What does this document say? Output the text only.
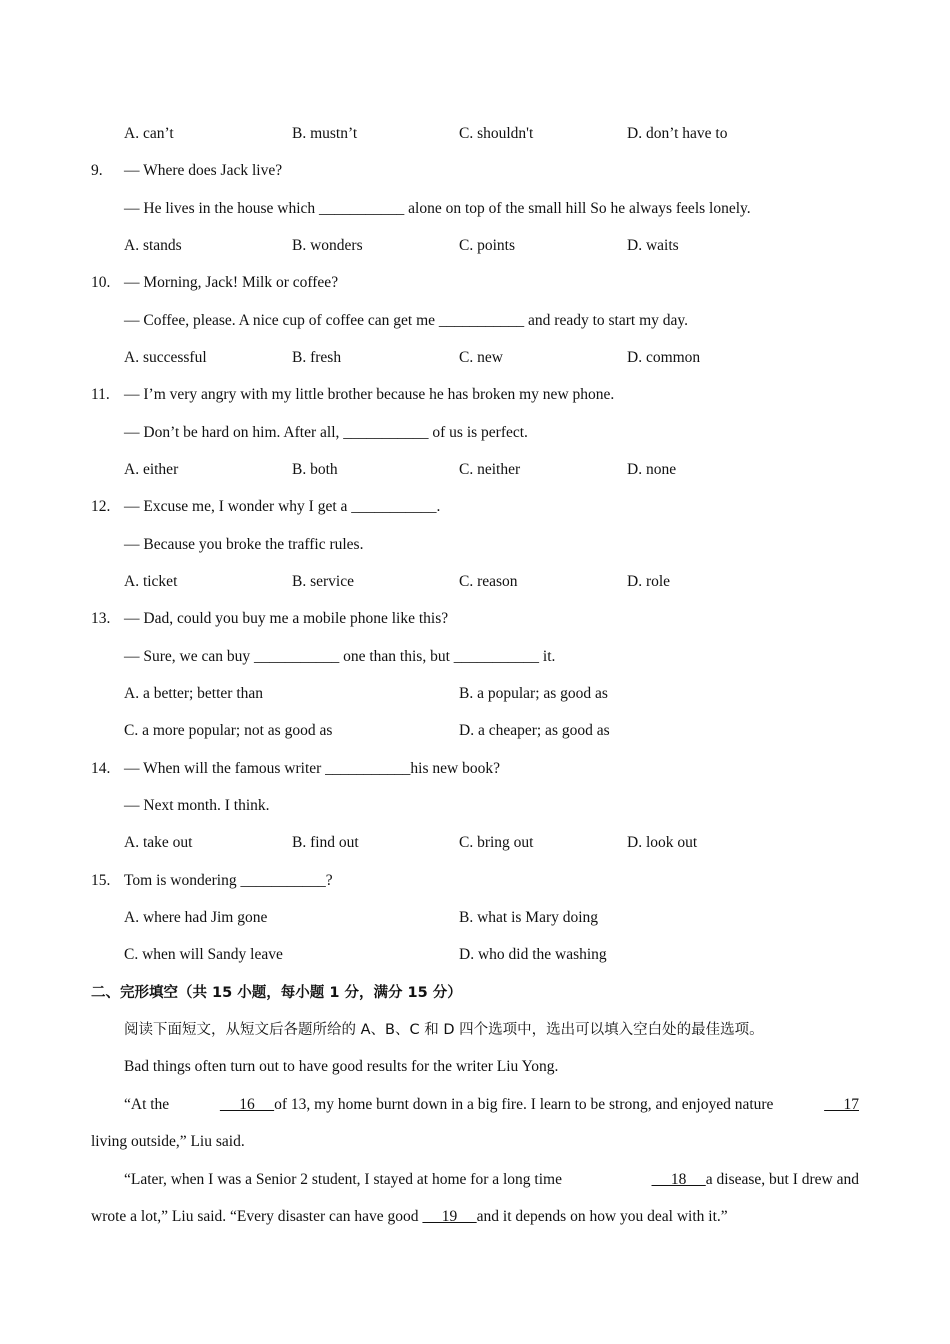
A. can’t	B. mustn’t	C. shouldn't	D. don’t have to
9. — Where does Jack live?
— He lives in the house which ___________ alone on top of the small hill So he always feels lonely.
A. stands	B. wonders	C. points	D. waits
10. — Morning, Jack! Milk or coffee?
— Coffee, please. A nice cup of coffee can get me ___________ and ready to start my day.
A. successful	B. fresh	C. new	D. common
11. — I’m very angry with my little brother because he has broken my new phone.
— Don’t be hard on him. After all, ___________ of us is perfect.
A. either	B. both	C. neither	D. none
12. — Excuse me, I wonder why I get a ___________.
— Because you broke the traffic rules.
A. ticket	B. service	C. reason	D. role
13. — Dad, could you buy me a mobile phone like this?
— Sure, we can buy ___________ one than this, but ___________ it.
A. a better; better than	B. a popular; as good as
C. a more popular; not as good as	D. a cheaper; as good as
14. — When will the famous writer ___________his new book?
— Next month. I think.
A. take out	B. find out	C. bring out	D. look out
15. Tom is wondering ___________?
A. where had Jim gone	B. what is Mary doing
C. when will Sandy leave	D. who did the washing
二、完形填空（共 15 小题，每小题 1 分，满分 15 分）
阅读下面短文，从短文后各题所给的 A、B、C 和 D 四个选项中，选出可以填入空白处的最佳选项。
Bad things often turn out to have good results for the writer Liu Yong.
“At the	16     of 13, my home burnt down in a big fire. I learn to be strong, and enjoyed nature	17
living outside,” Liu said.
“Later, when I was a Senior 2 student, I stayed at home for a long time	18     a disease, but I drew and
wrote a lot,” Liu said. “Every disaster can have good      19     and it depends on how you deal with it.”
